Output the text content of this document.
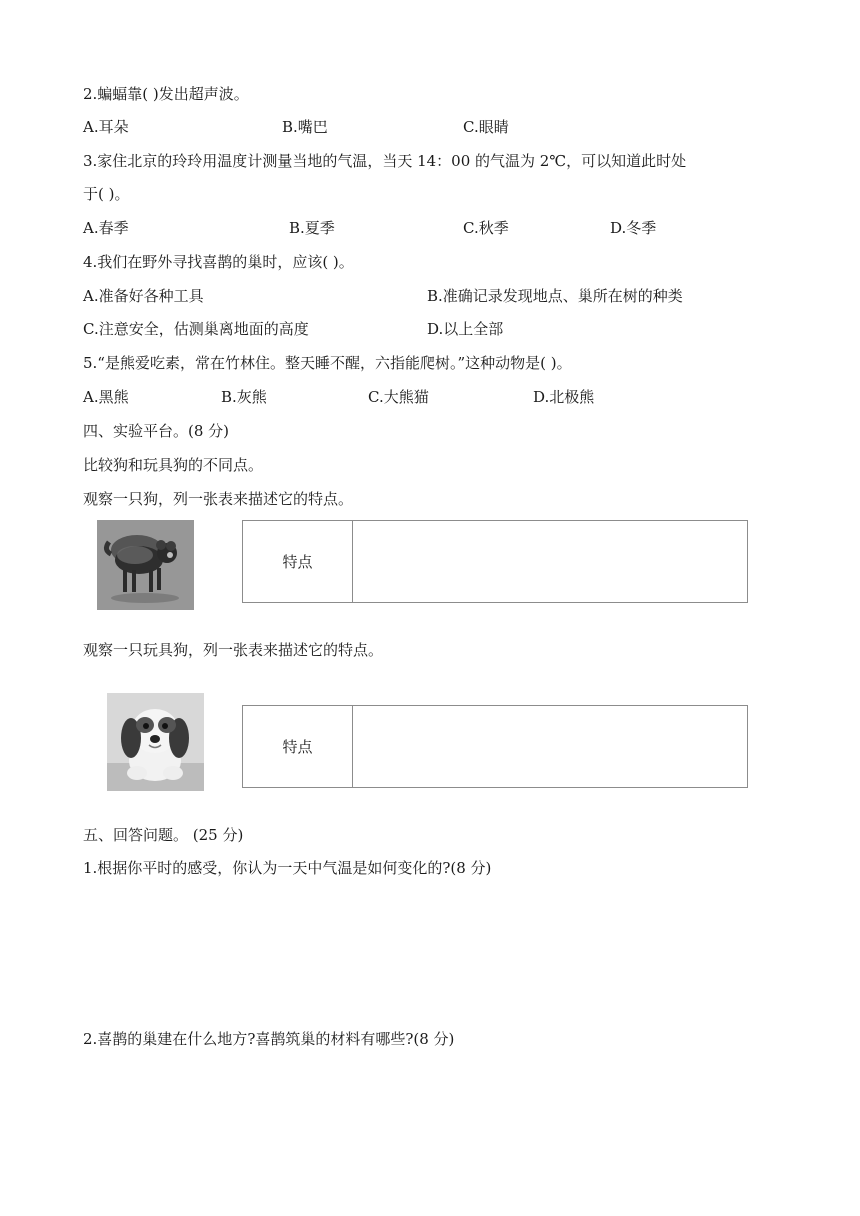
2.蝙蝠靠( )发出超声波。
A.耳朵	B.嘴巴	C.眼睛
3.家住北京的玲玲用温度计测量当地的气温，当天 14：00 的气温为 2℃，可以知道此时处
于( )。
A.春季	B.夏季	C.秋季	D.冬季
4.我们在野外寻找喜鹊的巢时，应该( )。
A.准备好各种工具	B.准确记录发现地点、巢所在树的种类
C.注意安全，估测巢离地面的高度	D.以上全部
5.“是熊爱吃素，常在竹林住。整天睡不醒，六指能爬树。”这种动物是( )。
A.黑熊	B.灰熊	C.大熊猫	D.北极熊
四、实验平台。(8 分)
比较狗和玩具狗的不同点。
观察一只狗，列一张表来描述它的特点。
特点
观察一只玩具狗，列一张表来描述它的特点。
特点
五、回答问题。 (25 分)
1.根据你平时的感受，你认为一天中气温是如何变化的?(8 分)
2.喜鹊的巢建在什么地方?喜鹊筑巢的材料有哪些?(8 分)
